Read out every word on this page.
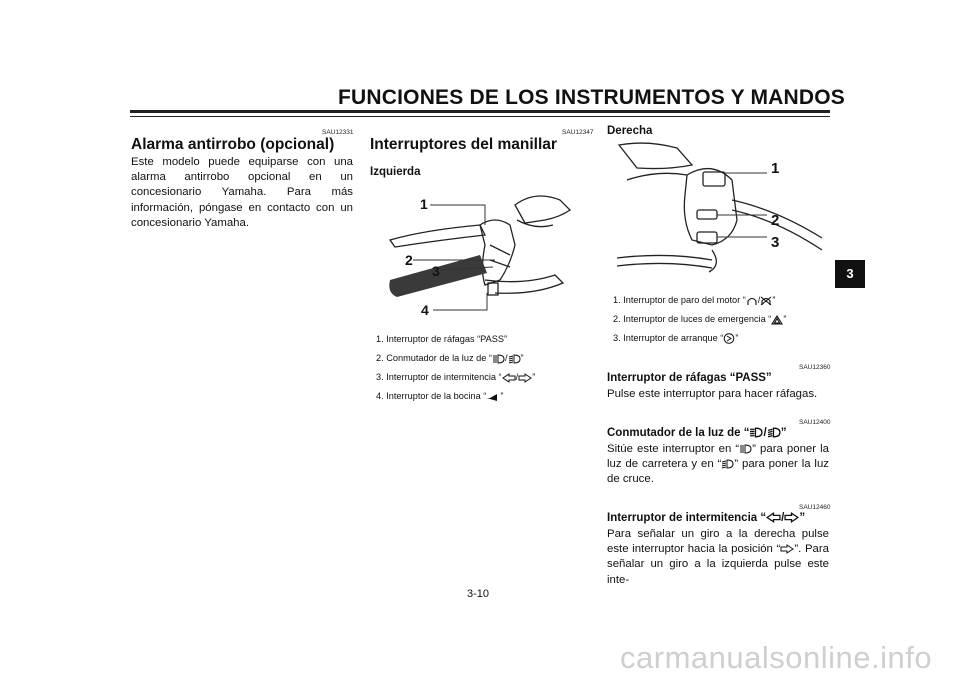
FUNCIONES DE LOS INSTRUMENTOS Y MANDOS
SAU12331
Alarma antirrobo (opcional)
Este modelo puede equiparse con una alarma antirrobo opcional en un concesionario Yamaha. Para más información, póngase en contacto con un concesionario Yamaha.
SAU12347
Interruptores del manillar
Izquierda
1
2
3
4
1. Interruptor de ráfagas “PASS”
2. Conmutador de la luz de “ / ”
3. Interruptor de intermitencia “ / ”
4. Interruptor de la bocina “ ”
Derecha
1
2
3
1. Interruptor de paro del motor “ / ”
2. Interruptor de luces de emergencia “ ”
3. Interruptor de arranque “ ”
SAU12360
Interruptor de ráfagas “PASS”
Pulse este interruptor para hacer ráfagas.
SAU12400
Conmutador de la luz de “ / ”
Sitúe este interruptor en “ ” para poner la luz de carretera y en “ ” para poner la luz de cruce.
SAU12460
Interruptor de intermitencia “ / ”
Para señalar un giro a la derecha pulse este interruptor hacia la posición “ ”. Para señalar un giro a la izquierda pulse este inte-
3
3-10
carmanualsonline.info
